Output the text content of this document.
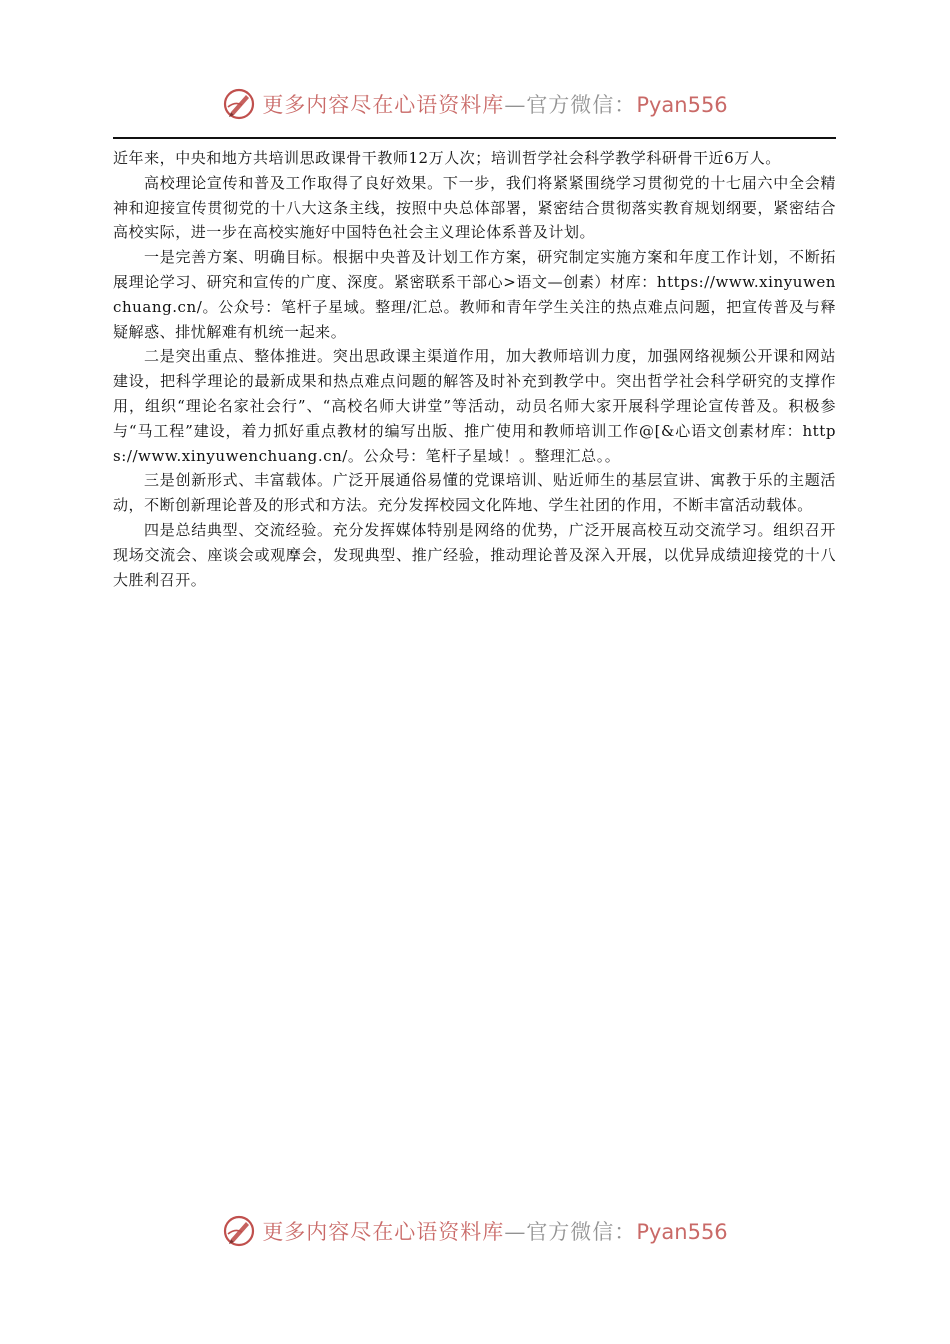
更多内容尽在心语资料库—官方微信：Pyan556

近年来，中央和地方共培训思政课骨干教师12万人次；培训哲学社会科学教学科研骨干近6万人。

高校理论宣传和普及工作取得了良好效果。下一步，我们将紧紧围绕学习贯彻党的十七届六中全会精神和迎接宣传贯彻党的十八大这条主线，按照中央总体部署，紧密结合贯彻落实教育规划纲要，紧密结合高校实际，进一步在高校实施好中国特色社会主义理论体系普及计划。

一是完善方案、明确目标。根据中央普及计划工作方案，研究制定实施方案和年度工作计划，不断拓展理论学习、研究和宣传的广度、深度。紧密联系干部心>语文—创素）材库：https://www.xinyuwenchuang.cn/。公众号：笔杆子星域。整理/汇总。教师和青年学生关注的热点难点问题，把宣传普及与释疑解惑、排忧解难有机统一起来。

二是突出重点、整体推进。突出思政课主渠道作用，加大教师培训力度，加强网络视频公开课和网站建设，把科学理论的最新成果和热点难点问题的解答及时补充到教学中。突出哲学社会科学研究的支撑作用，组织“理论名家社会行”、“高校名师大讲堂”等活动，动员名师大家开展科学理论宣传普及。积极参与“马工程”建设，着力抓好重点教材的编写出版、推广使用和教师培训工作@[&心语文创素材库：https://www.xinyuwenchuang.cn/。公众号：笔杆子星域！。整理汇总。。

三是创新形式、丰富载体。广泛开展通俗易懂的党课培训、贴近师生的基层宣讲、寓教于乐的主题活动，不断创新理论普及的形式和方法。充分发挥校园文化阵地、学生社团的作用，不断丰富活动载体。

四是总结典型、交流经验。充分发挥媒体特别是网络的优势，广泛开展高校互动交流学习。组织召开现场交流会、座谈会或观摩会，发现典型、推广经验，推动理论普及深入开展，以优异成绩迎接党的十八大胜利召开。

更多内容尽在心语资料库—官方微信：Pyan556
